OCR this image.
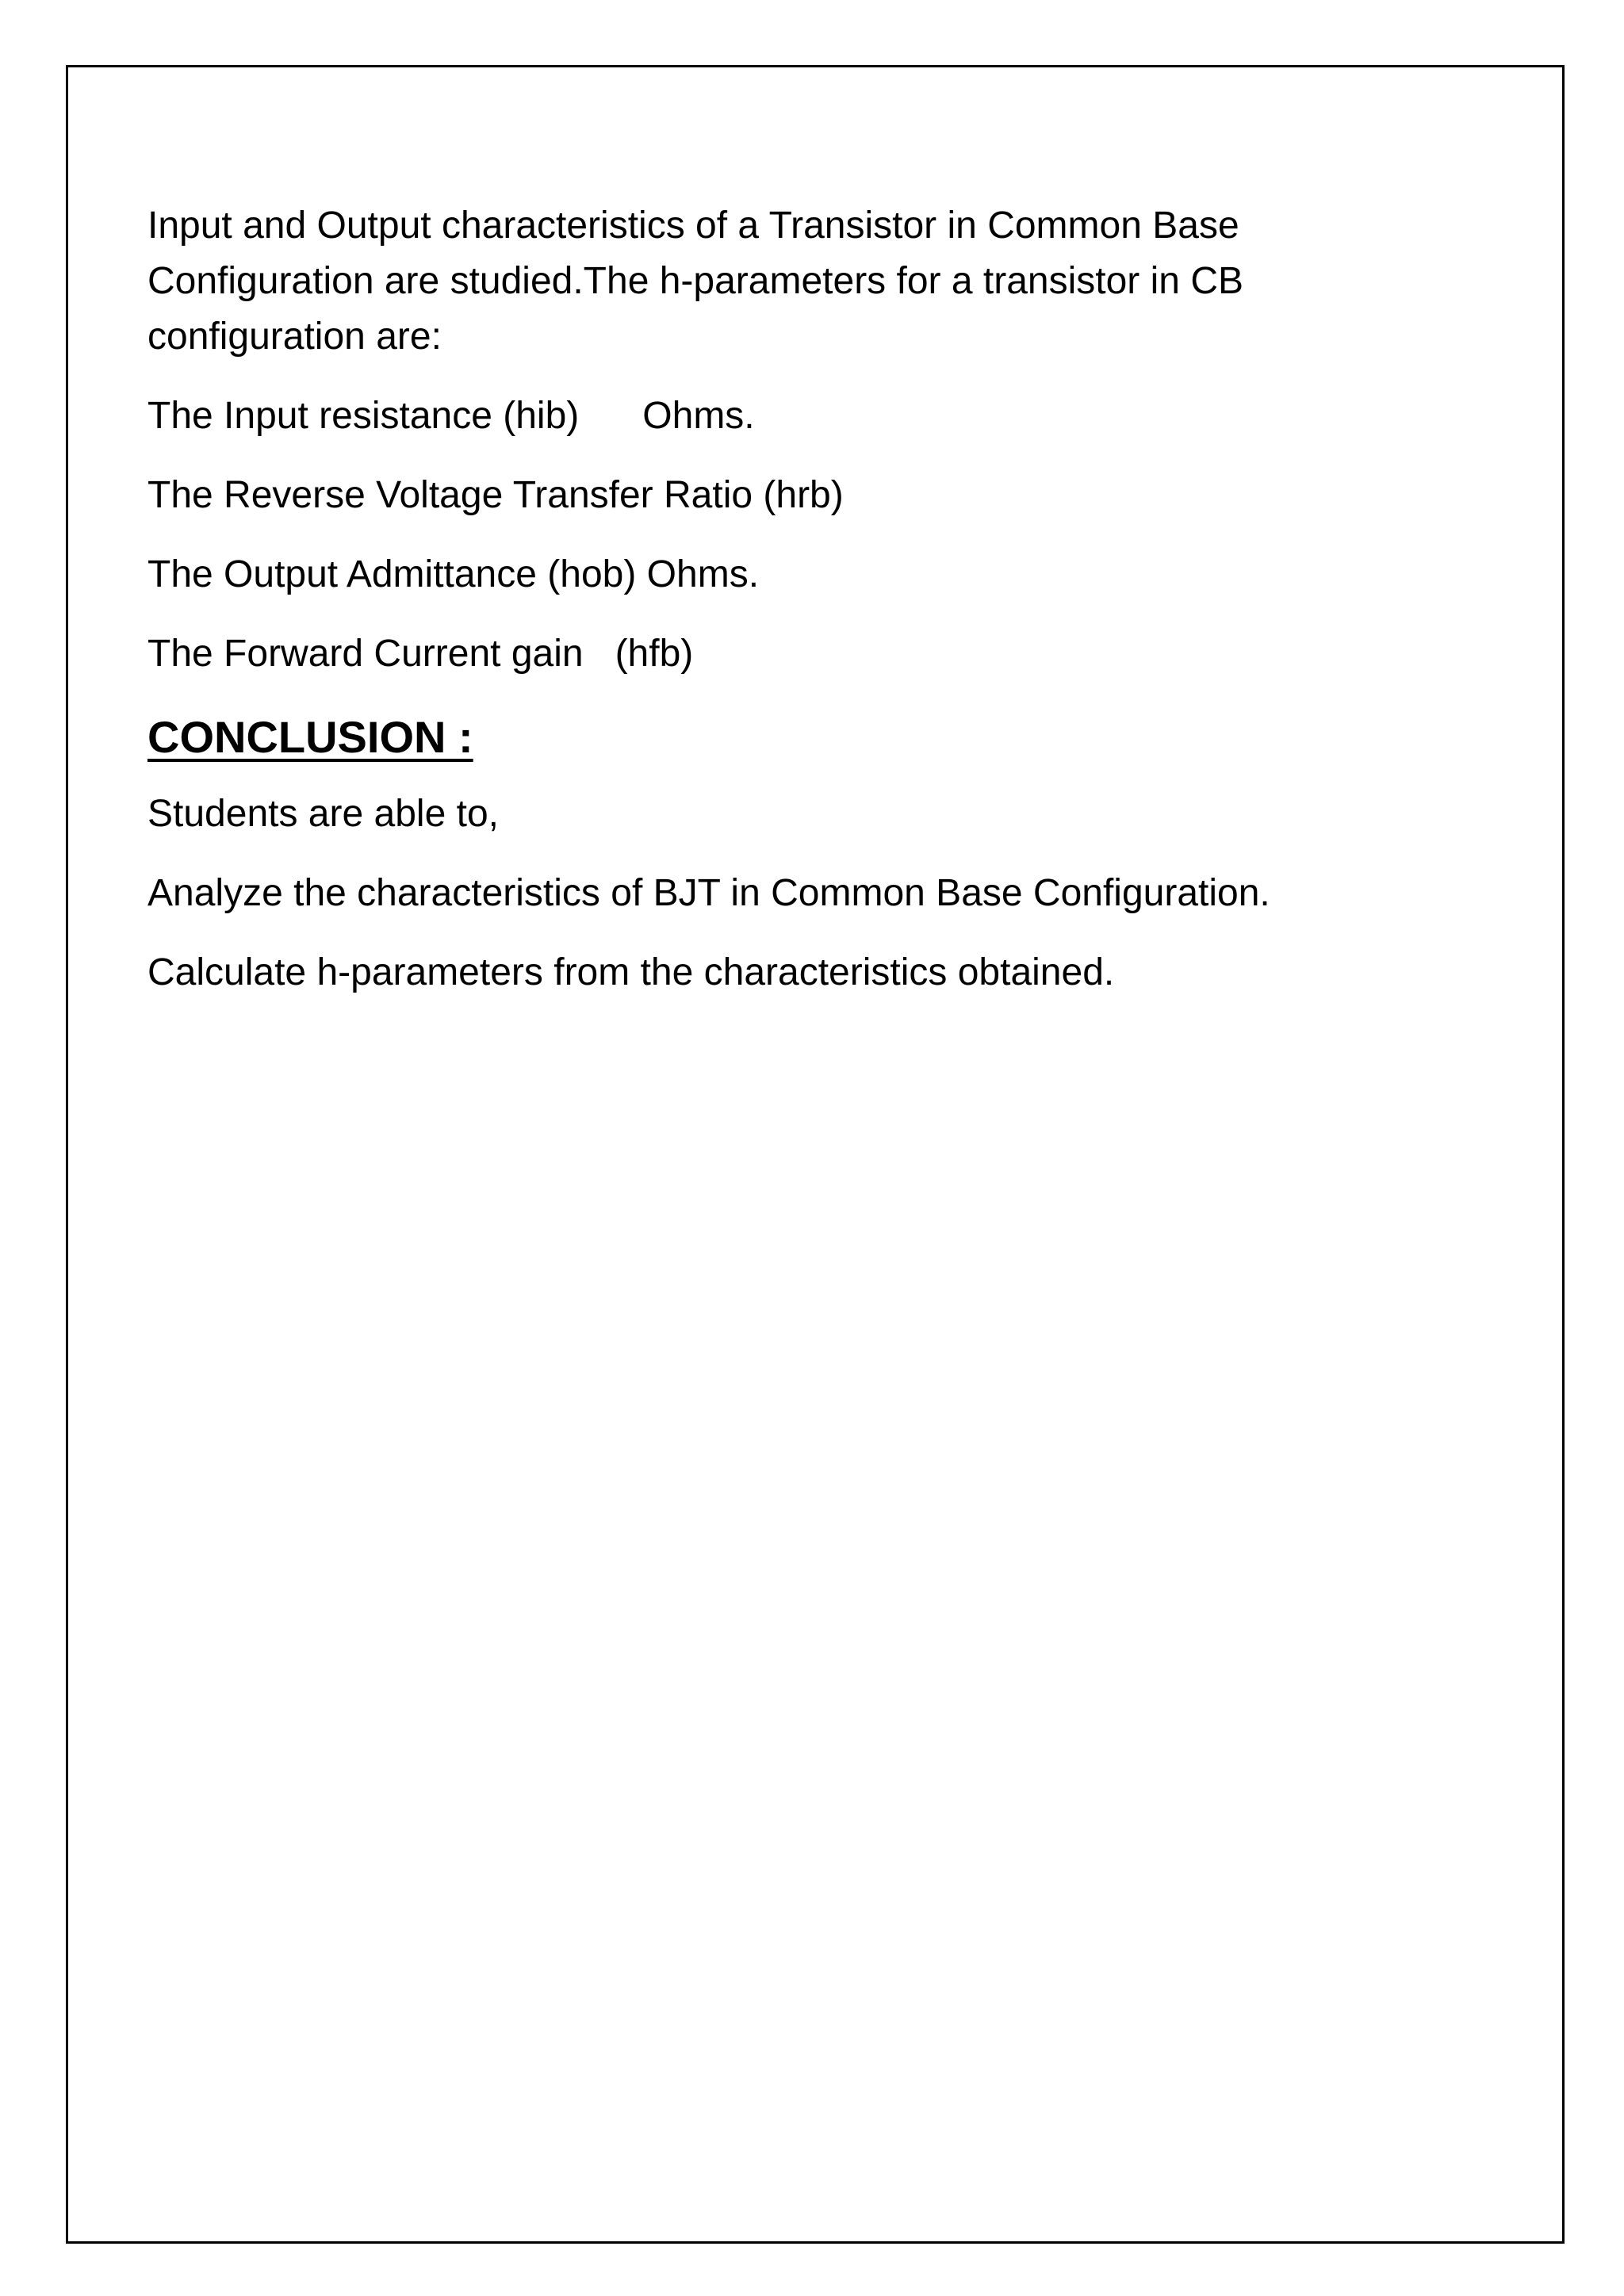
Input and Output characteristics of a Transistor in Common Base
Configuration are studied.The h-parameters for a transistor in CB
configuration are:
The Input resistance (hib)      Ohms.
The Reverse Voltage Transfer Ratio (hrb)
The Output Admittance (hob) Ohms.
The Forward Current gain   (hfb)
CONCLUSION :
Students are able to,
Analyze the characteristics of BJT in Common Base Configuration.
Calculate h-parameters from the characteristics obtained.
